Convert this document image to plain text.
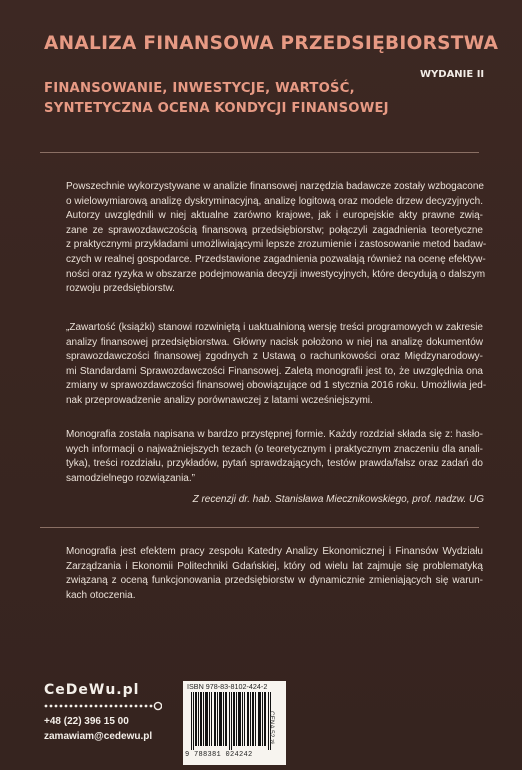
ANALIZA FINANSOWA PRZEDSIĘBIORSTWA
WYDANIE II
FINANSOWANIE, INWESTYCJE, WARTOŚĆ,
SYNTETYCZNA OCENA KONDYCJI FINANSOWEJ
Powszechnie wykorzystywane w analizie finansowej narzędzia badawcze zostały wzbogacone
o wielowymiarową analizę dyskryminacyjną, analizę logitową oraz modele drzew decyzyjnych.
Autorzy uwzględnili w niej aktualne zarówno krajowe, jak i europejskie akty prawne zwią-
zane ze sprawozdawczością finansową przedsiębiorstw; połączyli zagadnienia teoretyczne
z praktycznymi przykładami umożliwiającymi lepsze zrozumienie i zastosowanie metod badaw-
czych w realnej gospodarce. Przedstawione zagadnienia pozwalają również na ocenę efektyw-
ności oraz ryzyka w obszarze podejmowania decyzji inwestycyjnych, które decydują o dalszym
rozwoju przedsiębiorstw.
„Zawartość (książki) stanowi rozwiniętą i uaktualnioną wersję treści programowych w zakresie
analizy finansowej przedsiębiorstwa. Główny nacisk położono w niej na analizę dokumentów
sprawozdawczości finansowej zgodnych z Ustawą o rachunkowości oraz Międzynarodowy-
mi Standardami Sprawozdawczości Finansowej. Zaletą monografii jest to, że uwzględnia ona
zmiany w sprawozdawczości finansowej obowiązujące od 1 stycznia 2016 roku. Umożliwia jed-
nak przeprowadzenie analizy porównawczej z latami wcześniejszymi.
Monografia została napisana w bardzo przystępnej formie. Każdy rozdział składa się z: hasło-
wych informacji o najważniejszych tezach (o teoretycznym i praktycznym znaczeniu dla anali-
tyka), treści rozdziału, przykładów, pytań sprawdzających, testów prawda/fałsz oraz zadań do
samodzielnego rozwiązania.”
Z recenzji dr. hab. Stanisława Miecznikowskiego, prof. nadzw. UG
Monografia jest efektem pracy zespołu Katedry Analizy Ekonomicznej i Finansów Wydziału
Zarządzania i Ekonomii Politechniki Gdańskiej, który od wielu lat zajmuje się problematyką
związaną z oceną funkcjonowania przedsiębiorstw w dynamicznie zmieniających się warun-
kach otoczenia.
CeDeWu.pl
+48 (22) 396 15 00
zamawiam@cedewu.pl
ISBN 978-83-8102-424-2
9 788381 024242
CENA 52 zł
